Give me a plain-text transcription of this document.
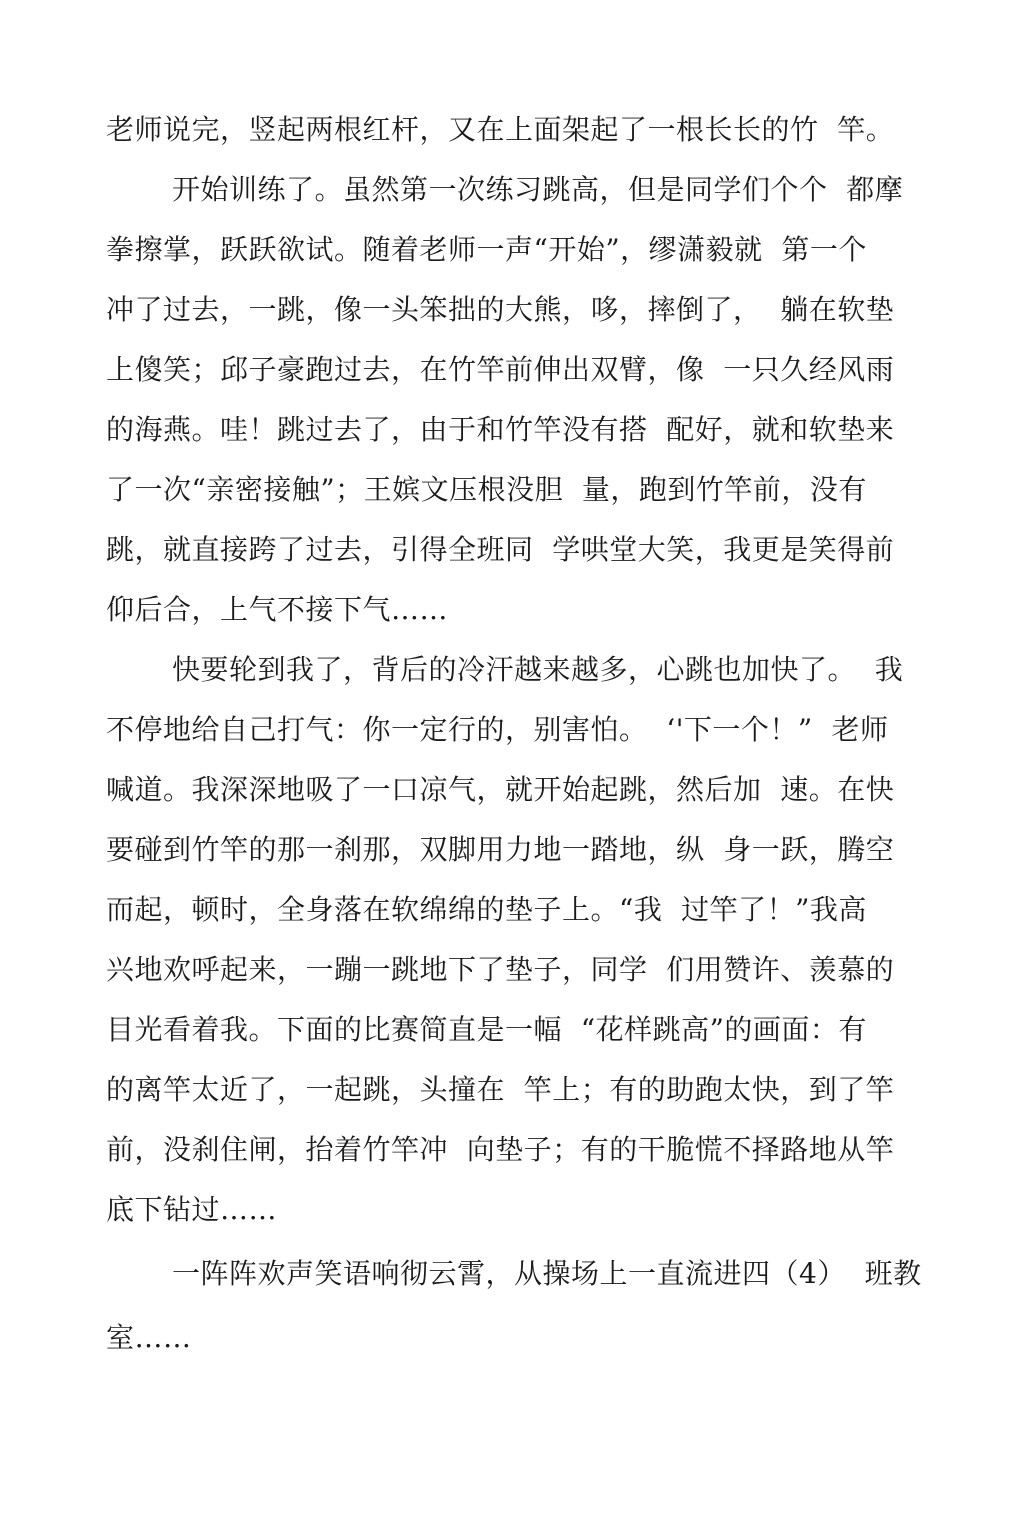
老师说完，竖起两根红杆，又在上面架起了一根长长的竹  竿。
开始训练了。虽然第一次练习跳高，但是同学们个个  都摩
拳擦掌，跃跃欲试。随着老师一声“开始”，缪潇毅就  第一个
冲了过去，一跳，像一头笨拙的大熊，哆，摔倒了，  躺在软垫
上傻笑；邱子豪跑过去，在竹竿前伸出双臂，像  一只久经风雨
的海燕。哇！跳过去了，由于和竹竿没有搭  配好，就和软垫来
了一次“亲密接触”；王嫔文压根没胆  量，跑到竹竿前，没有
跳，就直接跨了过去，引得全班同  学哄堂大笑，我更是笑得前
仰后合，上气不接下气……
快要轮到我了，背后的冷汗越来越多，心跳也加快了。  我
不停地给自己打气：你一定行的，别害怕。  ‘'下一个！”  老师
喊道。我深深地吸了一口凉气，就开始起跳，然后加  速。在快
要碰到竹竿的那一刹那，双脚用力地一踏地，纵  身一跃，腾空
而起，顿时，全身落在软绵绵的垫子上。“我  过竿了！”我高
兴地欢呼起来，一蹦一跳地下了垫子，同学  们用赞许、羡慕的
目光看着我。下面的比赛简直是一幅  “花样跳高”的画面：有
的离竿太近了，一起跳，头撞在  竿上；有的助跑太快，到了竿
前，没刹住闸，抬着竹竿冲  向垫子；有的干脆慌不择路地从竿
底下钻过……
一阵阵欢声笑语响彻云霄，从操场上一直流进四（4）  班教
室……
